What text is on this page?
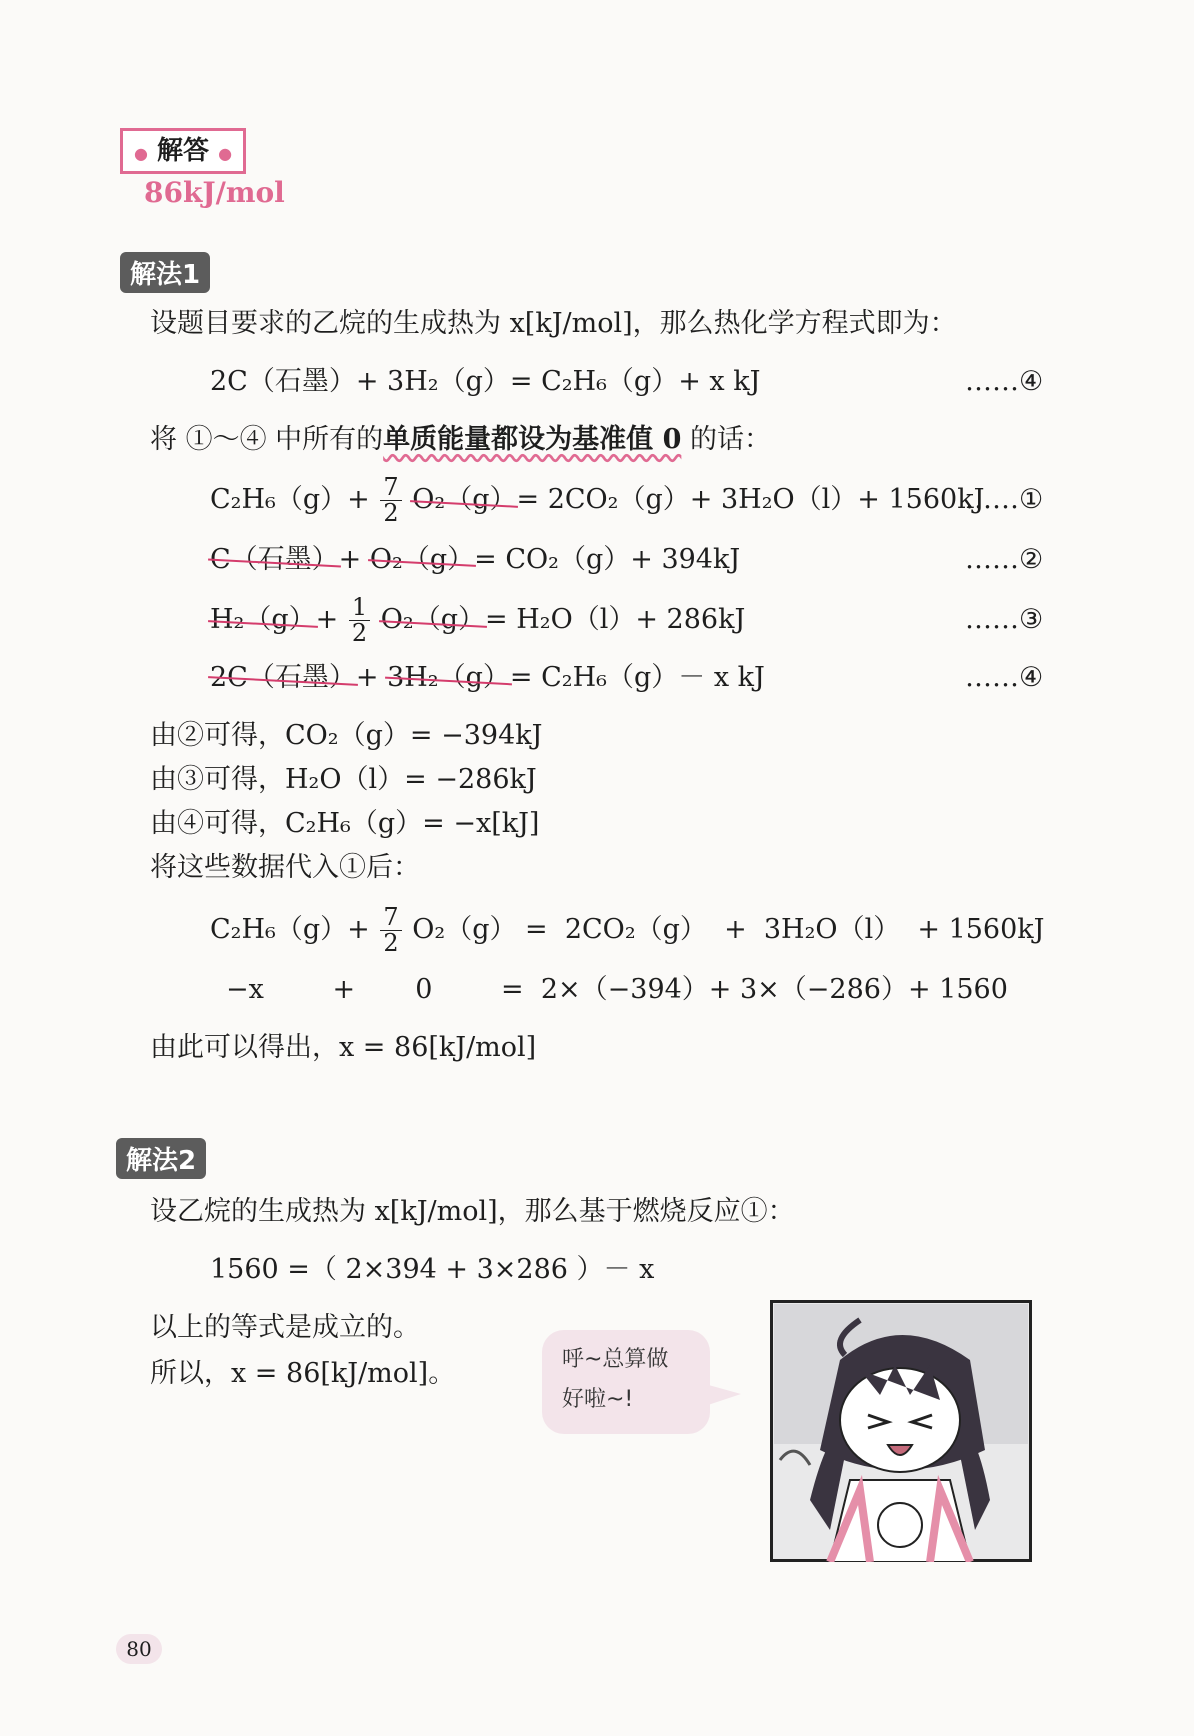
● 解答 ●
86kJ/mol
解法1
设题目要求的乙烷的生成热为 x[kJ/mol]，那么热化学方程式即为：
2C（石墨）+ 3H₂（g）= C₂H₆（g）+ x kJ	……④
将 ①～④ 中所有的单质能量都设为基准值 0 的话：
$C_2H_6(g)+ \frac{7}{2} O_2(g)= 2CO_2(g)+ 3H_2O(l)+ 1560kJ$
……①
C（石墨）+ O₂（g）= CO₂（g）+ 394kJ	……②
$H_2(g)+ \frac{1}{2} O_2(g)= H_2O(l)+ 286kJ$	……③
2C（石墨）+ 3H₂（g）= C₂H₆（g）－ x kJ	……④
由②可得，CO₂（g）= −394kJ
由③可得，H₂O（l）= −286kJ
由④可得，C₂H₆（g）= −x[kJ]
将这些数据代入①后：
$C_2H_6(g)+ \frac{7}{2} O_2(g) = 2CO_2(g) + 3H_2O(l) + 1560kJ$
−x        +       0        =  2×（−394）+ 3×（−286）+ 1560
由此可以得出，x = 86[kJ/mol]
解法2
设乙烷的生成热为 x[kJ/mol]，那么基于燃烧反应①：
1560 =（ 2×394 + 3×286 ）－ x
以上的等式是成立的。
所以，x = 86[kJ/mol]。	呼~总算做
好啦~!
80
